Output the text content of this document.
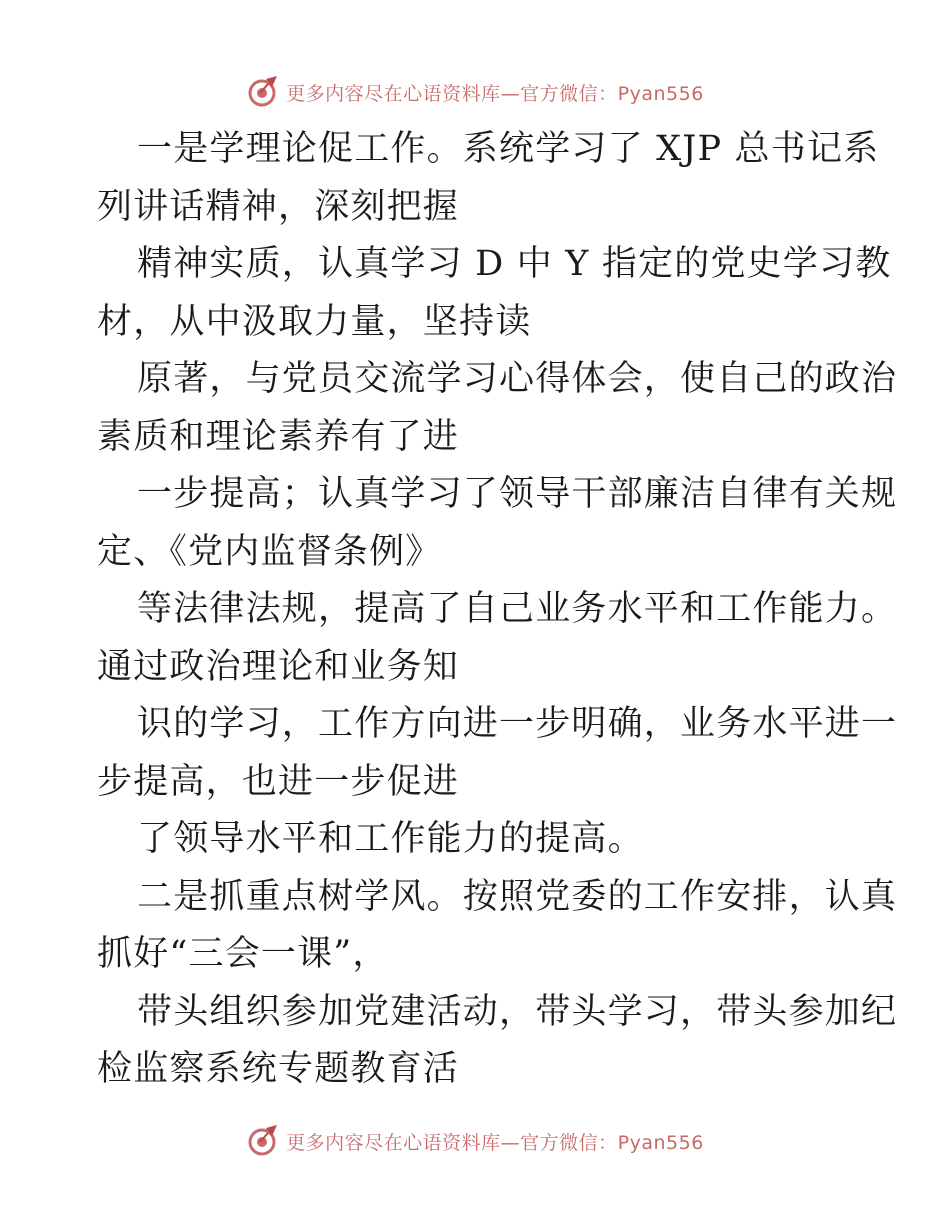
更多内容尽在心语资料库—官方微信：Pyan556
一是学理论促工作。系统学习了 XJP 总书记系
列讲话精神，深刻把握
精神实质，认真学习 D 中 Y 指定的党史学习教
材，从中汲取力量，坚持读
原著，与党员交流学习心得体会，使自己的政治
素质和理论素养有了进
一步提高；认真学习了领导干部廉洁自律有关规
定、《党内监督条例》
等法律法规，提高了自己业务水平和工作能力。
通过政治理论和业务知
识的学习，工作方向进一步明确，业务水平进一
步提高，也进一步促进
了领导水平和工作能力的提高。
二是抓重点树学风。按照党委的工作安排，认真
抓好“三会一课”，
带头组织参加党建活动，带头学习，带头参加纪
检监察系统专题教育活
更多内容尽在心语资料库—官方微信：Pyan556
